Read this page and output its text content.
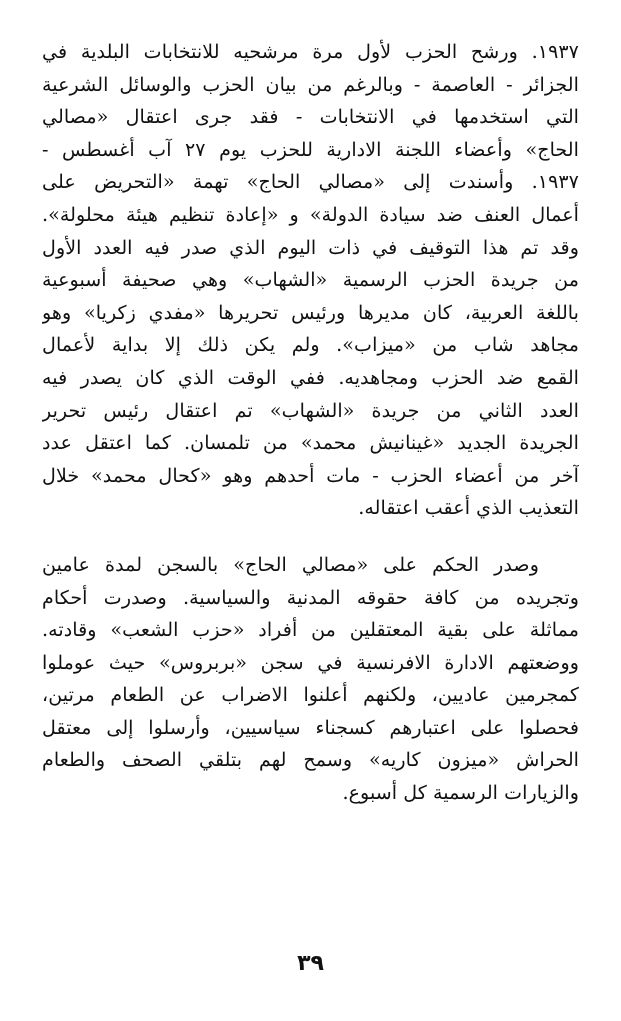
١٩٣٧. ورشح الحزب لأول مرة مرشحيه للانتخابات البلدية في
الجزائر - العاصمة - وبالرغم من بيان الحزب والوسائل الشرعية
التي استخدمها في الانتخابات - فقد جرى اعتقال «مصالي
الحاج» وأعضاء اللجنة الادارية للحزب يوم ٢٧ آب أغسطس -
١٩٣٧. وأسندت إلى «مصالي الحاج» تهمة «التحريض على
أعمال العنف ضد سيادة الدولة» و «إعادة تنظيم هيئة محلولة».
وقد تم هذا التوقيف في ذات اليوم الذي صدر فيه العدد الأول
من جريدة الحزب الرسمية «الشهاب» وهي صحيفة أسبوعية
باللغة العربية، كان مديرها ورئيس تحريرها «مفدي زكريا» وهو
مجاهد شاب من «ميزاب». ولم يكن ذلك إلا بداية لأعمال
القمع ضد الحزب ومجاهديه. ففي الوقت الذي كان يصدر فيه
العدد الثاني من جريدة «الشهاب» تم اعتقال رئيس تحرير
الجريدة الجديد «غينانيش محمد» من تلمسان. كما اعتقل عدد
آخر من أعضاء الحزب - مات أحدهم وهو «كحال محمد» خلال
التعذيب الذي أعقب اعتقاله.
وصدر الحكم على «مصالي الحاج» بالسجن لمدة عامين
وتجريده من كافة حقوقه المدنية والسياسية. وصدرت أحكام
مماثلة على بقية المعتقلين من أفراد «حزب الشعب» وقادته.
ووضعتهم الادارة الافرنسية في سجن «بربروس» حيث عوملوا
كمجرمين عاديين، ولكنهم أعلنوا الاضراب عن الطعام مرتين،
فحصلوا على اعتبارهم كسجناء سياسيين، وأرسلوا إلى معتقل
الحراش «ميزون كاريه» وسمح لهم بتلقي الصحف والطعام
والزيارات الرسمية كل أسبوع.
٣٩
